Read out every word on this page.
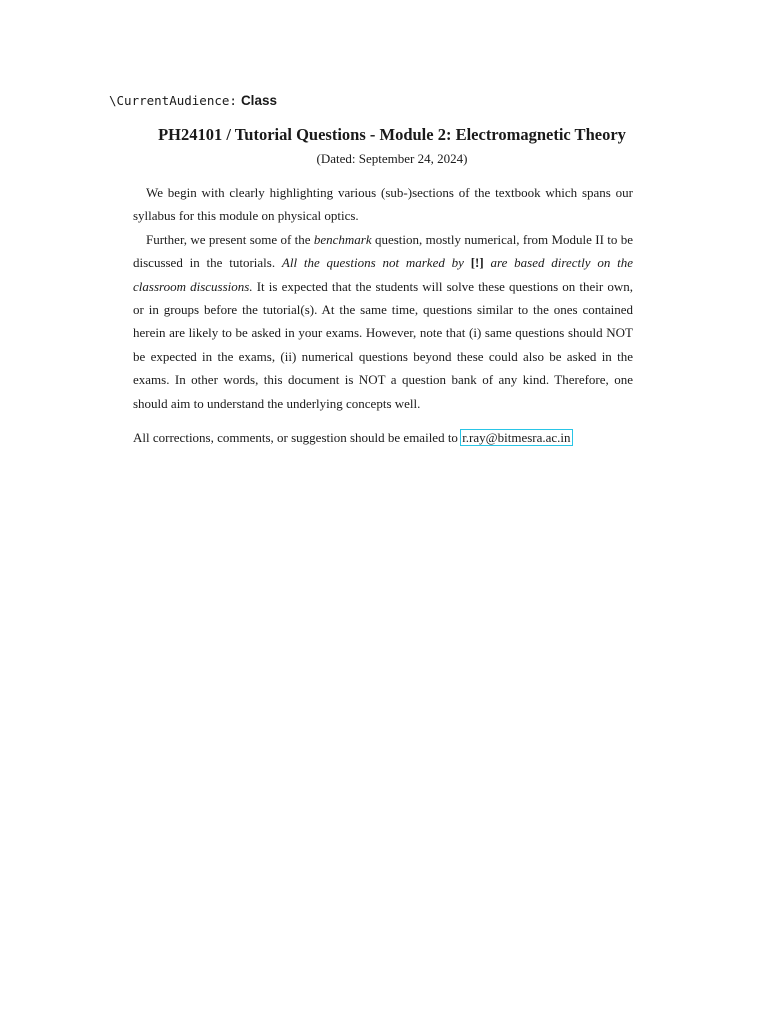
\CurrentAudience: Class
PH24101 / Tutorial Questions - Module 2: Electromagnetic Theory
(Dated: September 24, 2024)

We begin with clearly highlighting various (sub-)sections of the textbook which spans our syllabus for this module on physical optics.

Further, we present some of the benchmark question, mostly numerical, from Module II to be discussed in the tutorials. All the questions not marked by [!] are based directly on the classroom discussions. It is expected that the students will solve these questions on their own, or in groups before the tutorial(s). At the same time, questions similar to the ones contained herein are likely to be asked in your exams. However, note that (i) same questions should NOT be expected in the exams, (ii) numerical questions beyond these could also be asked in the exams. In other words, this document is NOT a question bank of any kind. Therefore, one should aim to understand the underlying concepts well.

All corrections, comments, or suggestion should be emailed to r.ray@bitmesra.ac.in
